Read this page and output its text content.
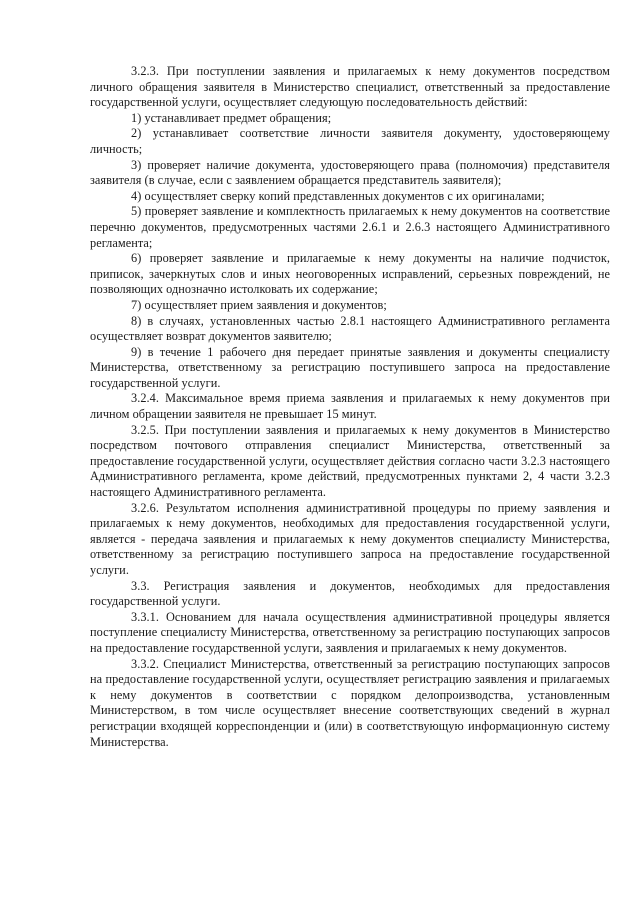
3.2.3. При поступлении заявления и прилагаемых к нему документов посредством личного обращения заявителя в Министерство специалист, ответственный за предоставление государственной услуги, осуществляет следующую последовательность действий:

1) устанавливает предмет обращения;

2) устанавливает соответствие личности заявителя документу, удостоверяющему личность;

3) проверяет наличие документа, удостоверяющего права (полномочия) представителя заявителя (в случае, если с заявлением обращается представитель заявителя);

4) осуществляет сверку копий представленных документов с их оригиналами;

5) проверяет заявление и комплектность прилагаемых к нему документов на соответствие перечню документов, предусмотренных частями 2.6.1 и 2.6.3 настоящего Административного регламента;

6) проверяет заявление и прилагаемые к нему документы на наличие подчисток, приписок, зачеркнутых слов и иных неоговоренных исправлений, серьезных повреждений, не позволяющих однозначно истолковать их содержание;

7) осуществляет прием заявления и документов;

8) в случаях, установленных частью 2.8.1 настоящего Административного регламента осуществляет возврат документов заявителю;

9) в течение 1 рабочего дня передает принятые заявления и документы специалисту Министерства, ответственному за регистрацию поступившего запроса на предоставление государственной услуги.

3.2.4. Максимальное время приема заявления и прилагаемых к нему документов при личном обращении заявителя не превышает 15 минут.

3.2.5. При поступлении заявления и прилагаемых к нему документов в Министерство посредством почтового отправления специалист Министерства, ответственный за предоставление государственной услуги, осуществляет действия согласно части 3.2.3 настоящего Административного регламента, кроме действий, предусмотренных пунктами 2, 4 части 3.2.3 настоящего Административного регламента.

3.2.6. Результатом исполнения административной процедуры по приему заявления и прилагаемых к нему документов, необходимых для предоставления государственной услуги, является - передача заявления и прилагаемых к нему документов специалисту Министерства, ответственному за регистрацию поступившего запроса на предоставление государственной услуги.

3.3. Регистрация заявления и документов, необходимых для предоставления государственной услуги.

3.3.1. Основанием для начала осуществления административной процедуры является поступление специалисту Министерства, ответственному за регистрацию поступающих запросов на предоставление государственной услуги, заявления и прилагаемых к нему документов.

3.3.2. Специалист Министерства, ответственный за регистрацию поступающих запросов на предоставление государственной услуги, осуществляет регистрацию заявления и прилагаемых к нему документов в соответствии с порядком делопроизводства, установленным Министерством, в том числе осуществляет внесение соответствующих сведений в журнал регистрации входящей корреспонденции и (или) в соответствующую информационную систему Министерства.
